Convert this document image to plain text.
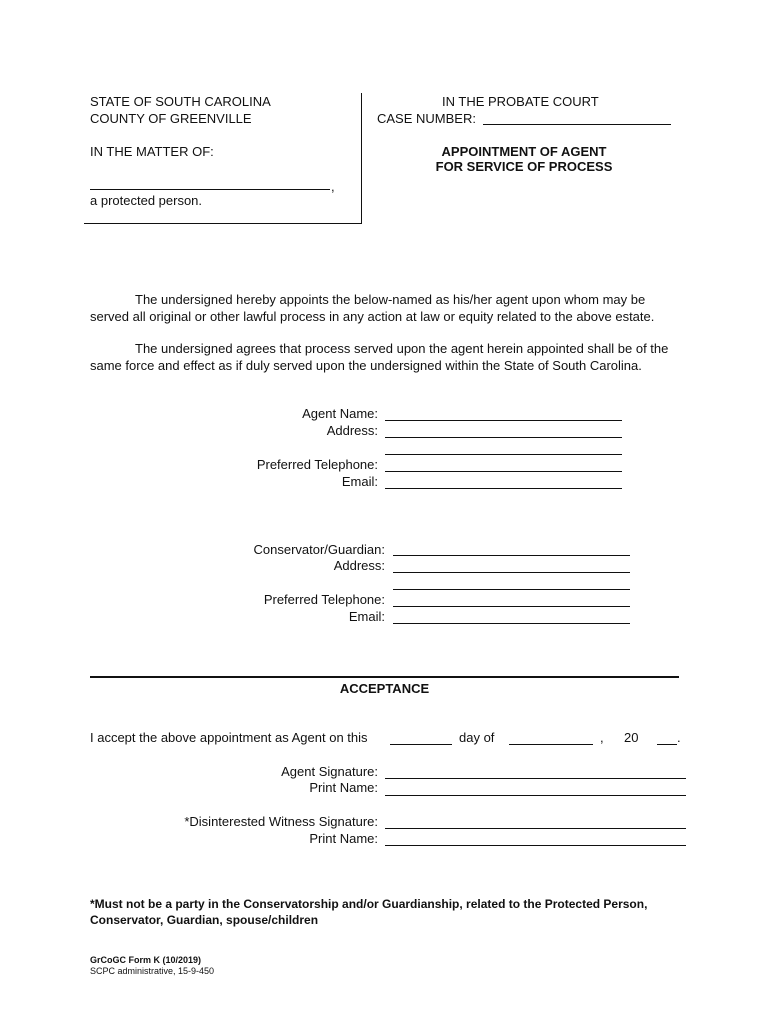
STATE OF SOUTH CAROLINA
COUNTY OF GREENVILLE
IN THE MATTER OF:
,
a protected person.
IN THE PROBATE COURT
CASE NUMBER:
APPOINTMENT OF AGENT
FOR SERVICE OF PROCESS
The undersigned hereby appoints the below-named as his/her agent upon whom may be served all original or other lawful process in any action at law or equity related to the above estate.
The undersigned agrees that process served upon the agent herein appointed shall be of the same force and effect as if duly served upon the undersigned within the State of South Carolina.
Agent Name:
Address:
Preferred Telephone:
Email:
Conservator/Guardian:
Address:
Preferred Telephone:
Email:
ACCEPTANCE
I accept the above appointment as Agent on this	day of	, 20	.
Agent Signature:
Print Name:
*Disinterested Witness Signature:
Print Name:
*Must not be a party in the Conservatorship and/or Guardianship, related to the Protected Person, Conservator, Guardian, spouse/children
GrCoGC Form K (10/2019)
SCPC administrative, 15-9-450
